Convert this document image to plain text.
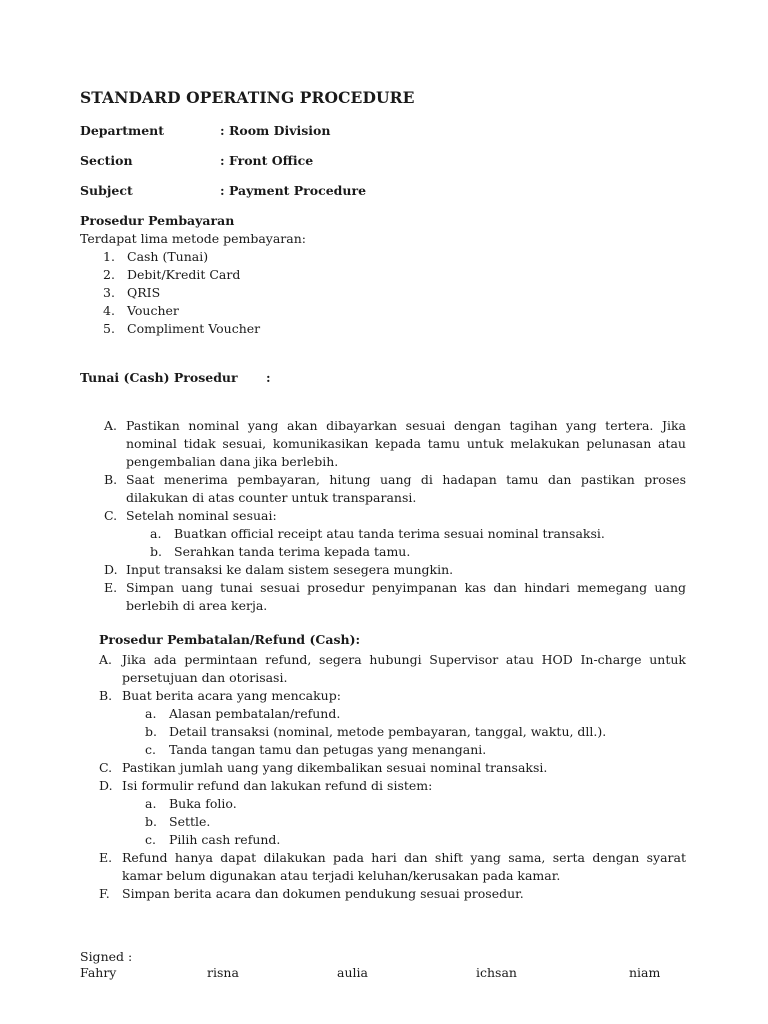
STANDARD OPERATING PROCEDURE
Department	: Room Division
Section	: Front Office
Subject	: Payment Procedure
Prosedur Pembayaran
Terdapat lima metode pembayaran:
1. Cash (Tunai)
2. Debit/Kredit Card
3. QRIS
4. Voucher
5. Compliment Voucher
Tunai (Cash) Prosedur :
A. Pastikan nominal yang akan dibayarkan sesuai dengan tagihan yang tertera. Jika nominal tidak sesuai, komunikasikan kepada tamu untuk melakukan pelunasan atau pengembalian dana jika berlebih.
B. Saat menerima pembayaran, hitung uang di hadapan tamu dan pastikan proses dilakukan di atas counter untuk transparansi.
C. Setelah nominal sesuai:
a. Buatkan official receipt atau tanda terima sesuai nominal transaksi.
b. Serahkan tanda terima kepada tamu.
D. Input transaksi ke dalam sistem sesegera mungkin.
E. Simpan uang tunai sesuai prosedur penyimpanan kas dan hindari memegang uang berlebih di area kerja.
Prosedur Pembatalan/Refund (Cash):
A. Jika ada permintaan refund, segera hubungi Supervisor atau HOD In-charge untuk persetujuan dan otorisasi.
B. Buat berita acara yang mencakup:
a. Alasan pembatalan/refund.
b. Detail transaksi (nominal, metode pembayaran, tanggal, waktu, dll.).
c. Tanda tangan tamu dan petugas yang menangani.
C. Pastikan jumlah uang yang dikembalikan sesuai nominal transaksi.
D. Isi formulir refund dan lakukan refund di sistem:
a. Buka folio.
b. Settle.
c. Pilih cash refund.
E. Refund hanya dapat dilakukan pada hari dan shift yang sama, serta dengan syarat kamar belum digunakan atau terjadi keluhan/kerusakan pada kamar.
F. Simpan berita acara dan dokumen pendukung sesuai prosedur.
Signed :
Fahry	risna	aulia	ichsan	niam
